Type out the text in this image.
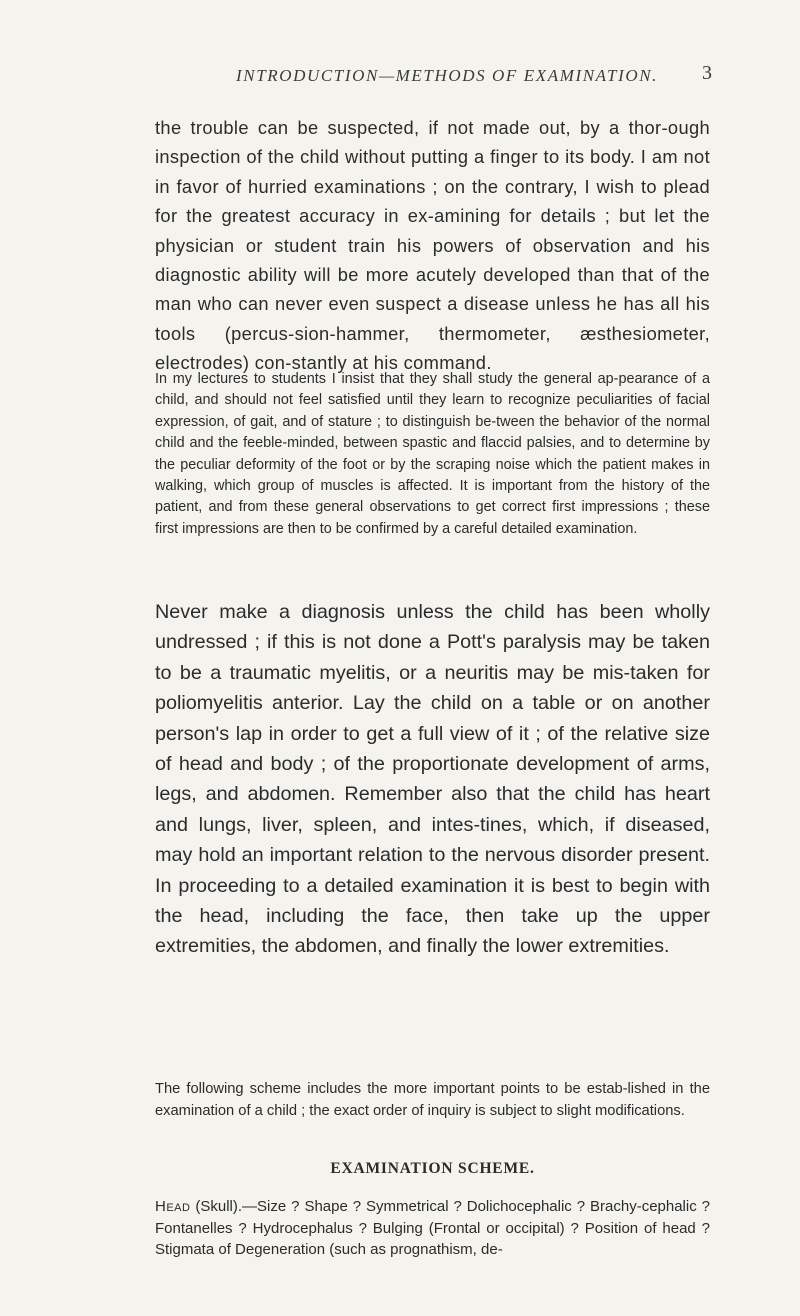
INTRODUCTION—METHODS OF EXAMINATION. 3

the trouble can be suspected, if not made out, by a thor-ough inspection of the child without putting a finger to its body. I am not in favor of hurried examinations ; on the contrary, I wish to plead for the greatest accuracy in ex-amining for details ; but let the physician or student train his powers of observation and his diagnostic ability will be more acutely developed than that of the man who can never even suspect a disease unless he has all his tools (percus-sion-hammer, thermometer, æsthesiometer, electrodes) con-stantly at his command.

In my lectures to students I insist that they shall study the general ap-pearance of a child, and should not feel satisfied until they learn to recognize peculiarities of facial expression, of gait, and of stature ; to distinguish be-tween the behavior of the normal child and the feeble-minded, between spastic and flaccid palsies, and to determine by the peculiar deformity of the foot or by the scraping noise which the patient makes in walking, which group of muscles is affected. It is important from the history of the patient, and from these general observations to get correct first impressions ; these first impressions are then to be confirmed by a careful detailed examination.

Never make a diagnosis unless the child has been wholly undressed ; if this is not done a Pott's paralysis may be taken to be a traumatic myelitis, or a neuritis may be mis-taken for poliomyelitis anterior. Lay the child on a table or on another person's lap in order to get a full view of it ; of the relative size of head and body ; of the proportionate development of arms, legs, and abdomen. Remember also that the child has heart and lungs, liver, spleen, and intes-tines, which, if diseased, may hold an important relation to the nervous disorder present. In proceeding to a detailed examination it is best to begin with the head, including the face, then take up the upper extremities, the abdomen, and finally the lower extremities.

The following scheme includes the more important points to be estab-lished in the examination of a child ; the exact order of inquiry is subject to slight modifications.

EXAMINATION SCHEME.

Head (Skull).—Size ? Shape ? Symmetrical ? Dolichocephalic ? Brachy-cephalic ? Fontanelles ? Hydrocephalus ? Bulging (Frontal or occipital) ? Position of head ? Stigmata of Degeneration (such as prognathism, de-
